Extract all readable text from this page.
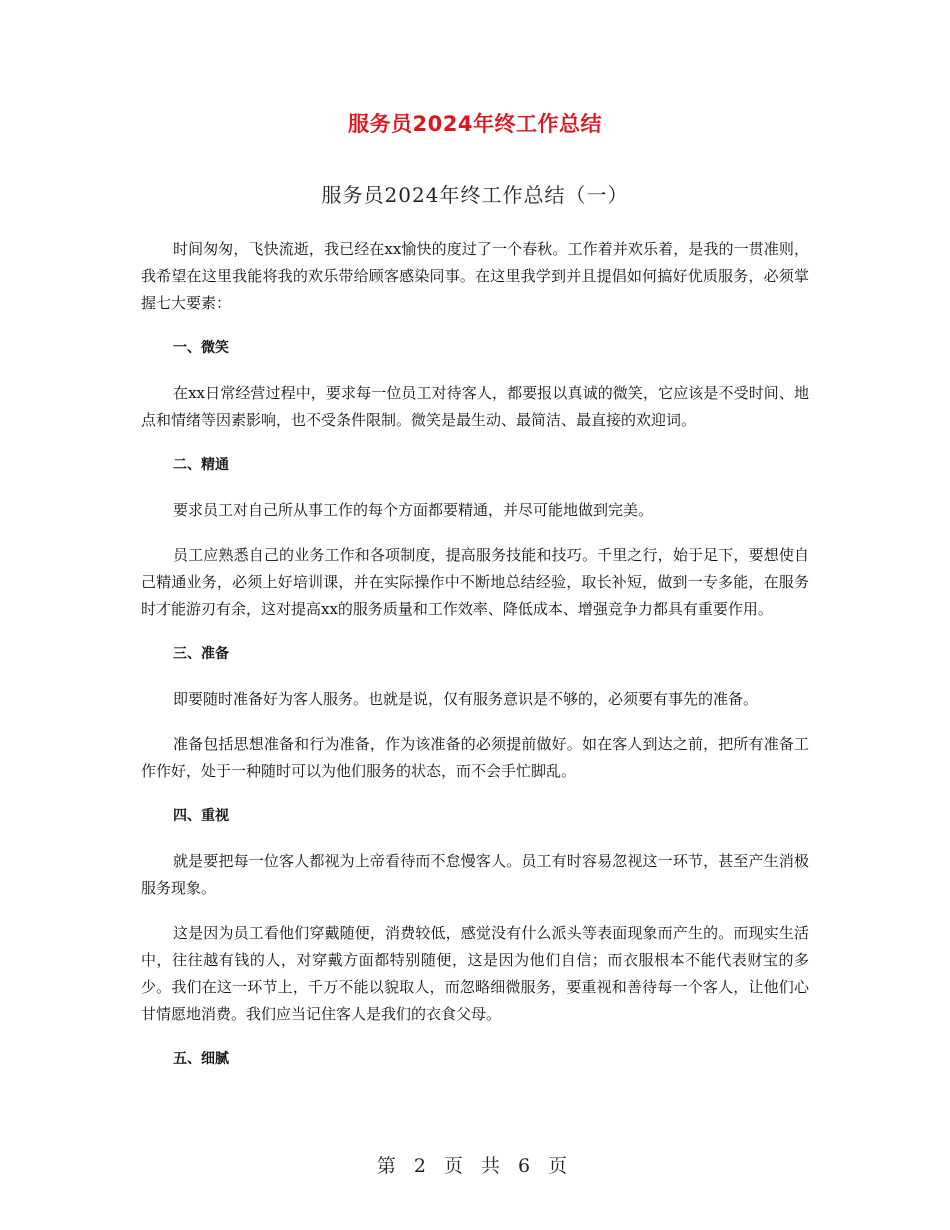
服务员2024年终工作总结
服务员2024年终工作总结（一）
时间匆匆，飞快流逝，我已经在xx愉快的度过了一个春秋。工作着并欢乐着，是我的一贯准则，我希望在这里我能将我的欢乐带给顾客感染同事。在这里我学到并且提倡如何搞好优质服务，必须掌握七大要素：
一、微笑
在xx日常经营过程中，要求每一位员工对待客人，都要报以真诚的微笑，它应该是不受时间、地点和情绪等因素影响，也不受条件限制。微笑是最生动、最简洁、最直接的欢迎词。
二、精通
要求员工对自己所从事工作的每个方面都要精通，并尽可能地做到完美。
员工应熟悉自己的业务工作和各项制度，提高服务技能和技巧。千里之行，始于足下，要想使自己精通业务，必须上好培训课，并在实际操作中不断地总结经验，取长补短，做到一专多能，在服务时才能游刃有余，这对提高xx的服务质量和工作效率、降低成本、增强竞争力都具有重要作用。
三、准备
即要随时准备好为客人服务。也就是说，仅有服务意识是不够的，必须要有事先的准备。
准备包括思想准备和行为准备，作为该准备的必须提前做好。如在客人到达之前，把所有准备工作作好，处于一种随时可以为他们服务的状态，而不会手忙脚乱。
四、重视
就是要把每一位客人都视为上帝看待而不怠慢客人。员工有时容易忽视这一环节，甚至产生消极服务现象。
这是因为员工看他们穿戴随便，消费较低，感觉没有什么派头等表面现象而产生的。而现实生活中，往往越有钱的人，对穿戴方面都特别随便，这是因为他们自信；而衣服根本不能代表财宝的多少。我们在这一环节上，千万不能以貌取人，而忽略细微服务，要重视和善待每一个客人，让他们心甘情愿地消费。我们应当记住客人是我们的衣食父母。
五、细腻
第 2 页 共 6 页
